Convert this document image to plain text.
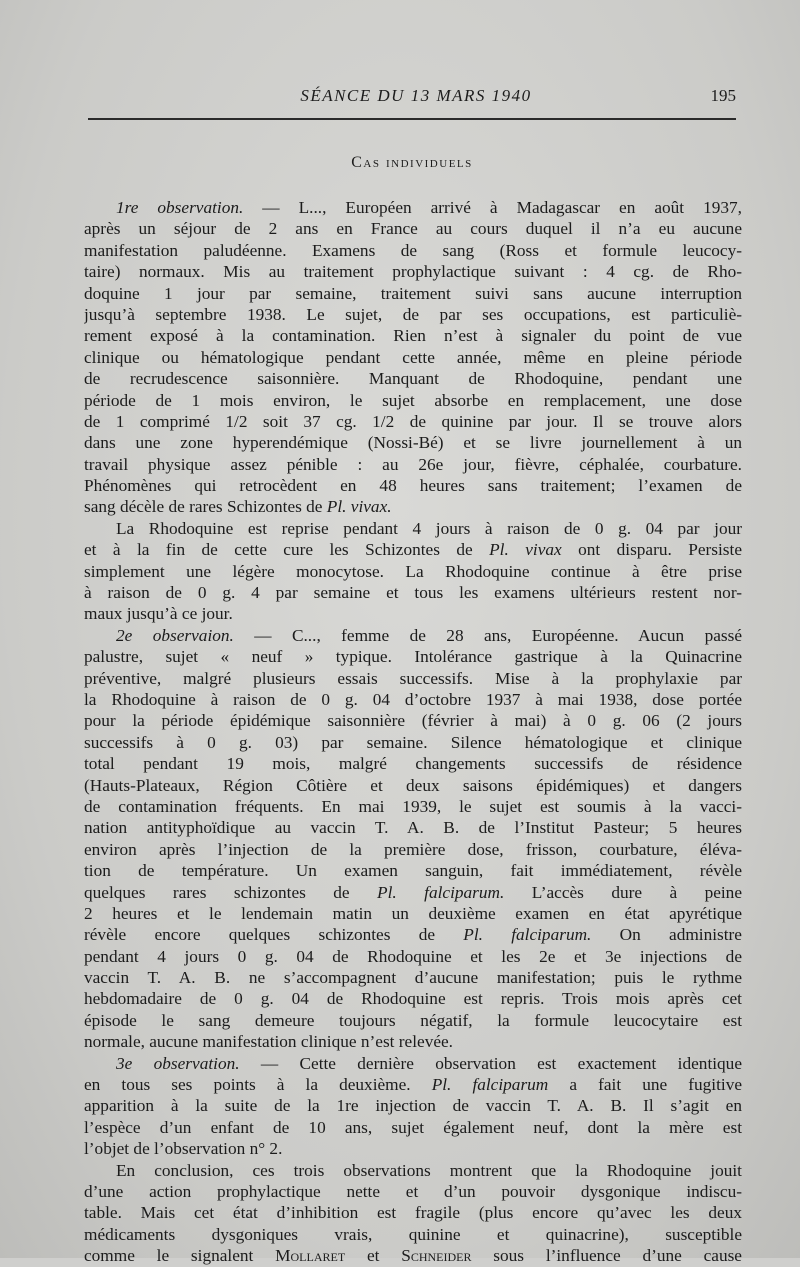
SÉANCE DU 13 MARS 1940	195
Cas individuels
1re observation. — L..., Européen arrivé à Madagascar en août 1937,
après un séjour de 2 ans en France au cours duquel il n’a eu aucune
manifestation paludéenne. Examens de sang (Ross et formule leucocy-
taire) normaux. Mis au traitement prophylactique suivant : 4 cg. de Rho-
doquine 1 jour par semaine, traitement suivi sans aucune interruption
jusqu’à septembre 1938. Le sujet, de par ses occupations, est particuliè-
rement exposé à la contamination. Rien n’est à signaler du point de vue
clinique ou hématologique pendant cette année, même en pleine période
de recrudescence saisonnière. Manquant de Rhodoquine, pendant une
période de 1 mois environ, le sujet absorbe en remplacement, une dose
de 1 comprimé 1/2 soit 37 cg. 1/2 de quinine par jour. Il se trouve alors
dans une zone hyperendémique (Nossi-Bé) et se livre journellement à un
travail physique assez pénible : au 26e jour, fièvre, céphalée, courbature.
Phénomènes qui retrocèdent en 48 heures sans traitement; l’examen de
sang décèle de rares Schizontes de Pl. vivax.
La Rhodoquine est reprise pendant 4 jours à raison de 0 g. 04 par jour
et à la fin de cette cure les Schizontes de Pl. vivax ont disparu. Persiste
simplement une légère monocytose. La Rhodoquine continue à être prise
à raison de 0 g. 4 par semaine et tous les examens ultérieurs restent nor-
maux jusqu’à ce jour.
2e observaion. — C..., femme de 28 ans, Européenne. Aucun passé
palustre, sujet « neuf » typique. Intolérance gastrique à la Quinacrine
préventive, malgré plusieurs essais successifs. Mise à la prophylaxie par
la Rhodoquine à raison de 0 g. 04 d’octobre 1937 à mai 1938, dose portée
pour la période épidémique saisonnière (février à mai) à 0 g. 06 (2 jours
successifs à 0 g. 03) par semaine. Silence hématologique et clinique
total pendant 19 mois, malgré changements successifs de résidence
(Hauts-Plateaux, Région Côtière et deux saisons épidémiques) et dangers
de contamination fréquents. En mai 1939, le sujet est soumis à la vacci-
nation antityphoïdique au vaccin T. A. B. de l’Institut Pasteur; 5 heures
environ après l’injection de la première dose, frisson, courbature, éléva-
tion de température. Un examen sanguin, fait immédiatement, révèle
quelques rares schizontes de Pl. falciparum. L’accès dure à peine
2 heures et le lendemain matin un deuxième examen en état apyrétique
révèle encore quelques schizontes de Pl. falciparum. On administre
pendant 4 jours 0 g. 04 de Rhodoquine et les 2e et 3e injections de
vaccin T. A. B. ne s’accompagnent d’aucune manifestation; puis le rythme
hebdomadaire de 0 g. 04 de Rhodoquine est repris. Trois mois après cet
épisode le sang demeure toujours négatif, la formule leucocytaire est
normale, aucune manifestation clinique n’est relevée.
3e observation. — Cette dernière observation est exactement identique
en tous ses points à la deuxième. Pl. falciparum a fait une fugitive
apparition à la suite de la 1re injection de vaccin T. A. B. Il s’agit en
l’espèce d’un enfant de 10 ans, sujet également neuf, dont la mère est
l’objet de l’observation n° 2.
En conclusion, ces trois observations montrent que la Rhodoquine jouit
d’une action prophylactique nette et d’un pouvoir dysgonique indiscu-
table. Mais cet état d’inhibition est fragile (plus encore qu’avec les deux
médicaments dysgoniques vrais, quinine et quinacrine), susceptible
comme le signalent Mollaret et Schneider sous l’influence d’une cause
